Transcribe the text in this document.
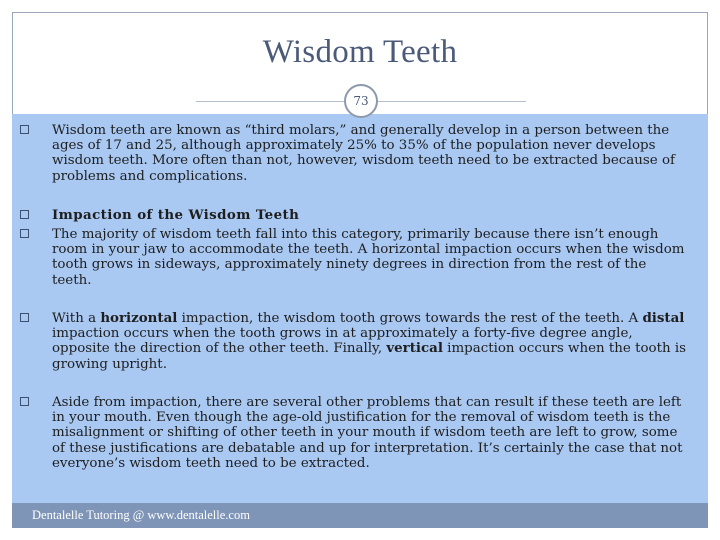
Wisdom Teeth
73
Wisdom teeth are known as “third molars,” and generally develop in a person between the ages of 17 and 25, although approximately 25% to 35% of the population never develops wisdom teeth. More often than not, however, wisdom teeth need to be extracted because of problems and complications.
Impaction of the Wisdom Teeth
The majority of wisdom teeth fall into this category, primarily because there isn’t enough room in your jaw to accommodate the teeth. A horizontal impaction occurs when the wisdom tooth grows in sideways, approximately ninety degrees in direction from the rest of the teeth.
With a horizontal impaction, the wisdom tooth grows towards the rest of the teeth. A distal impaction occurs when the tooth grows in at approximately a forty-five degree angle, opposite the direction of the other teeth. Finally, vertical impaction occurs when the tooth is growing upright.
Aside from impaction, there are several other problems that can result if these teeth are left in your mouth. Even though the age-old justification for the removal of wisdom teeth is the misalignment or shifting of other teeth in your mouth if wisdom teeth are left to grow, some of these justifications are debatable and up for interpretation. It’s certainly the case that not everyone’s wisdom teeth need to be extracted.
Dentalelle Tutoring @ www.dentalelle.com
